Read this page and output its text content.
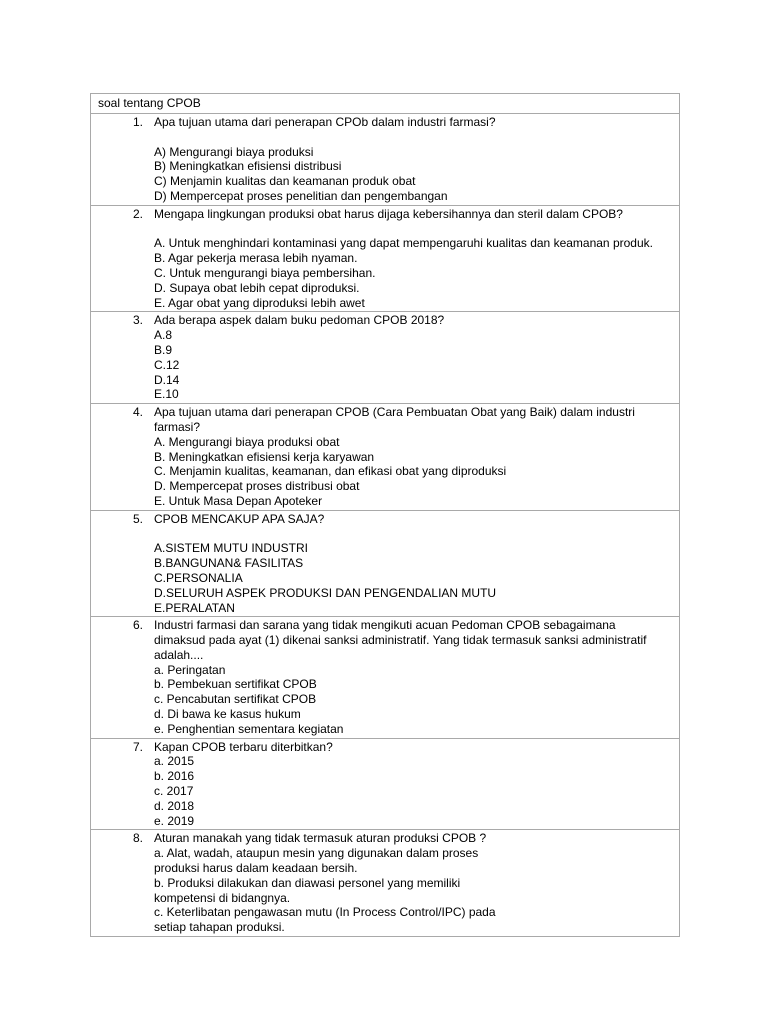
soal tentang CPOB
1. Apa tujuan utama dari penerapan CPOb dalam industri farmasi?
A) Mengurangi biaya produksi
B) Meningkatkan efisiensi distribusi
C) Menjamin kualitas dan keamanan produk obat
D) Mempercepat proses penelitian dan pengembangan
2. Mengapa lingkungan produksi obat harus dijaga kebersihannya dan steril dalam CPOB?
A. Untuk menghindari kontaminasi yang dapat mempengaruhi kualitas dan keamanan produk.
B. Agar pekerja merasa lebih nyaman.
C. Untuk mengurangi biaya pembersihan.
D. Supaya obat lebih cepat diproduksi.
E. Agar obat yang diproduksi lebih awet
3. Ada berapa aspek dalam buku pedoman CPOB 2018?
A.8
B.9
C.12
D.14
E.10
4. Apa tujuan utama dari penerapan CPOB (Cara Pembuatan Obat yang Baik) dalam industri
farmasi?
A. Mengurangi biaya produksi obat
B. Meningkatkan efisiensi kerja karyawan
C. Menjamin kualitas, keamanan, dan efikasi obat yang diproduksi
D. Mempercepat proses distribusi obat
E. Untuk Masa Depan Apoteker
5. CPOB MENCAKUP APA SAJA?
A.SISTEM MUTU INDUSTRI
B.BANGUNAN& FASILITAS
C.PERSONALIA
D.SELURUH ASPEK PRODUKSI DAN PENGENDALIAN MUTU
E.PERALATAN
6. Industri farmasi dan sarana yang tidak mengikuti acuan Pedoman CPOB sebagaimana
dimaksud pada ayat (1) dikenai sanksi administratif. Yang tidak termasuk sanksi administratif
adalah....
a. Peringatan
b. Pembekuan sertifikat CPOB
c. Pencabutan sertifikat CPOB
d. Di bawa ke kasus hukum
e. Penghentian sementara kegiatan
7. Kapan CPOB terbaru diterbitkan?
a. 2015
b. 2016
c. 2017
d. 2018
e. 2019
8. Aturan manakah yang tidak termasuk aturan produksi CPOB ?
a. Alat, wadah, ataupun mesin yang digunakan dalam proses
produksi harus dalam keadaan bersih.
b. Produksi dilakukan dan diawasi personel yang memiliki
kompetensi di bidangnya.
c. Keterlibatan pengawasan mutu (In Process Control/IPC) pada
setiap tahapan produksi.
